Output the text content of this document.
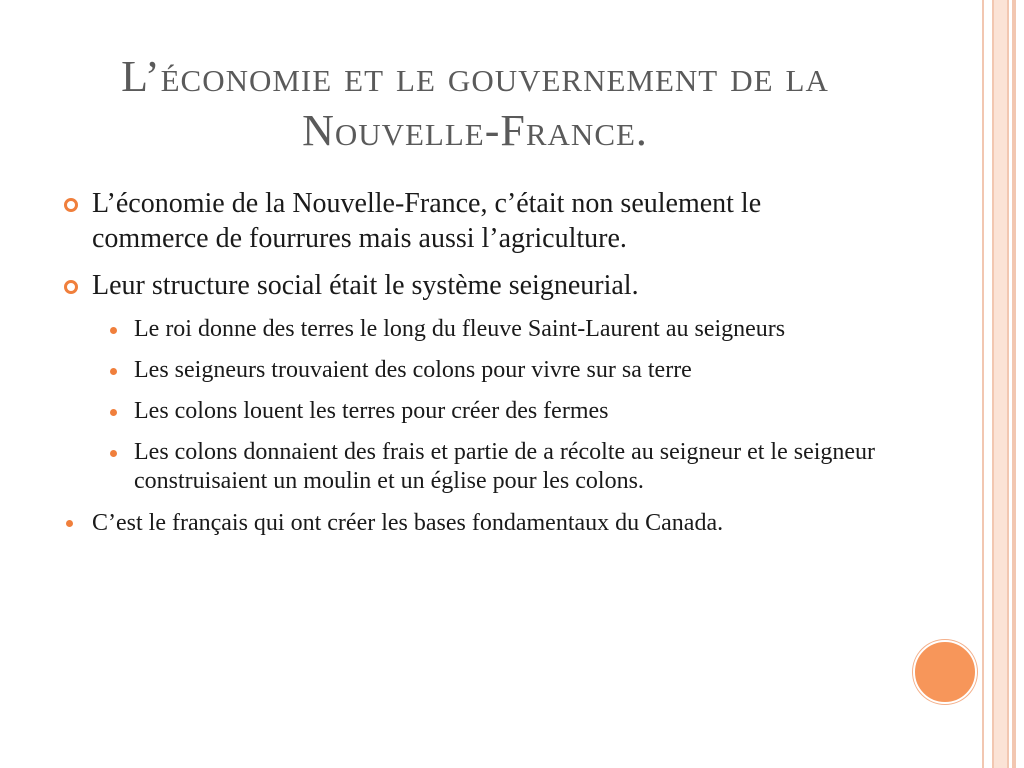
L’économie et le gouvernement de la
Nouvelle-France.
L’économie de la Nouvelle-France, c’était non seulement le commerce de fourrures mais aussi l’agriculture.
Leur structure social était le système seigneurial.
Le roi donne des terres le long du fleuve Saint-Laurent au seigneurs
Les seigneurs trouvaient des colons pour vivre sur sa terre
Les colons louent les terres pour créer des fermes
Les colons donnaient des frais et partie de a récolte au seigneur et le seigneur construisaient un moulin et un église pour les colons.
C’est le français qui ont créer les bases fondamentaux du Canada.
